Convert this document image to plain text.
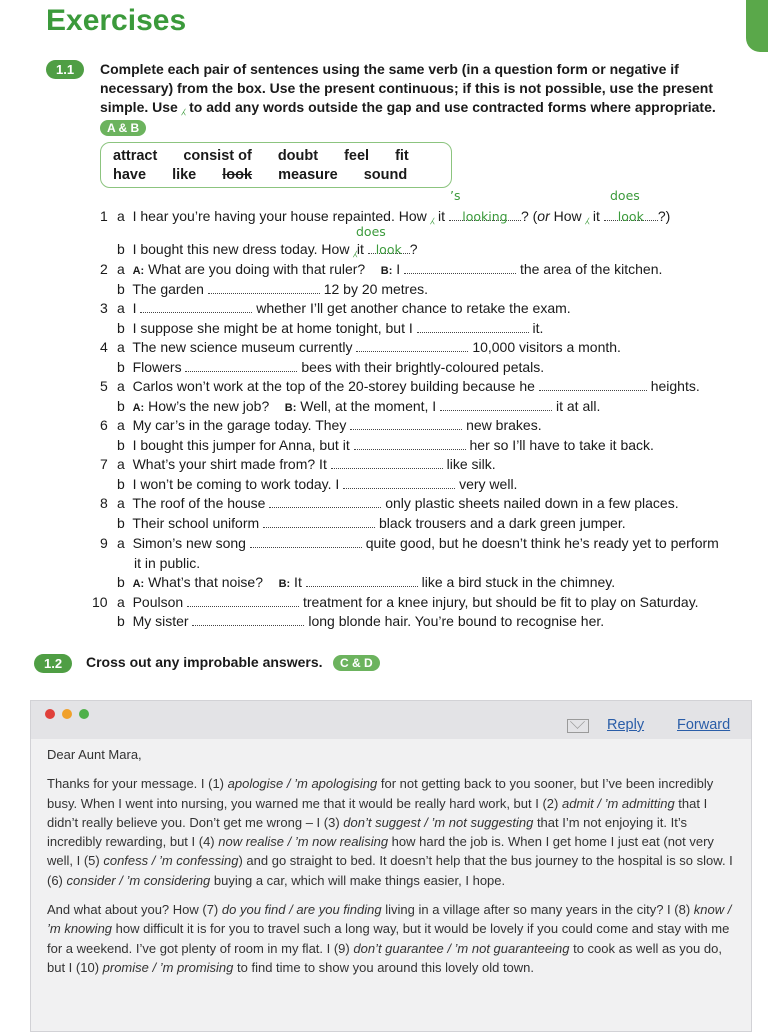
Exercises
1.1	Complete each pair of sentences using the same verb (in a question form or negative if necessary) from the box. Use the present continuous; if this is not possible, use the present simple. Use ⁁ to add any words outside the gap and use contracted forms where appropriate.
A & B
attract consist of doubt feel fit
have like look measure sound
’s	does
1 a I hear you’re having your house repainted. How ⁁ it looking ? (or How ⁁ it look ?)
does
b I bought this new dress today. How ⁁it look ?
2 a A: What are you doing with that ruler? B: I	the area of the kitchen.
b The garden	12 by 20 metres.
3 a I	whether I’ll get another chance to retake the exam.
b I suppose she might be at home tonight, but I	it.
4 a The new science museum currently	10,000 visitors a month.
b Flowers	bees with their brightly-coloured petals.
5 a Carlos won’t work at the top of the 20-storey building because he	heights.
b A: How’s the new job? B: Well, at the moment, I	it at all.
6 a My car’s in the garage today. They	new brakes.
b I bought this jumper for Anna, but it	her so I’ll have to take it back.
7 a What’s your shirt made from? It	like silk.
b I won’t be coming to work today. I	very well.
8 a The roof of the house	only plastic sheets nailed down in a few places.
b Their school uniform	black trousers and a dark green jumper.
9 a Simon’s new song	quite good, but he doesn’t think he’s ready yet to perform
it in public.
b A: What’s that noise? B: It	like a bird stuck in the chimney.
10 a Poulson	treatment for a knee injury, but should be fit to play on Saturday.
b My sister	long blonde hair. You’re bound to recognise her.
1.2	Cross out any improbable answers.	C & D
Reply Forward

Dear Aunt Mara,

Thanks for your message. I (1) apologise / ’m apologising for not getting back to you sooner, but I’ve been incredibly busy. When I went into nursing, you warned me that it would be really hard work, but I (2) admit / ’m admitting that I didn’t really believe you. Don’t get me wrong – I (3) don’t suggest / ’m not suggesting that I’m not enjoying it. It’s incredibly rewarding, but I (4) now realise / ’m now realising how hard the job is. When I get home I just eat (not very well, I (5) confess / ’m confessing) and go straight to bed. It doesn’t help that the bus journey to the hospital is so slow. I (6) consider / ’m considering buying a car, which will make things easier, I hope.

And what about you? How (7) do you find / are you finding living in a village after so many years in the city? I (8) know / ’m knowing how difficult it is for you to travel such a long way, but it would be lovely if you could come and stay with me for a weekend. I’ve got plenty of room in my flat. I (9) don’t guarantee / ’m not guaranteeing to cook as well as you do, but I (10) promise / ’m promising to find time to show you around this lovely old town.
